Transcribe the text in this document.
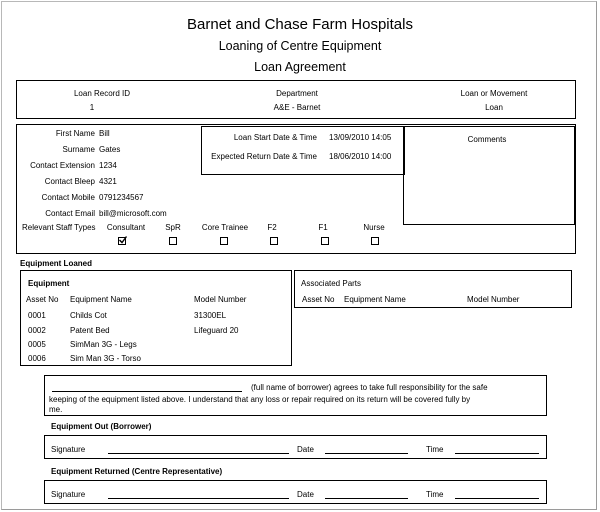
Barnet and Chase Farm Hospitals
Loaning of Centre Equipment
Loan Agreement
Loan Record ID
1
Department
A&E - Barnet
Loan or Movement
Loan
First Name Bill
Surname Gates
Contact Extension 1234
Contact Bleep 4321
Contact Mobile 0791234567
Contact Email bill@microsoft.com
Relevant Staff Types	Consultant	SpR	Core Trainee	F2	F1	Nurse
Loan Start Date & Time 13/09/2010 14:05
Expected Return Date & Time 18/06/2010 14:00
Comments
Equipment Loaned
Equipment
Asset No Equipment Name	Model Number
0001	Childs Cot	31300EL
0002	Patent Bed	Lifeguard 20
0005	SimMan 3G - Legs
0006	Sim Man 3G - Torso
Associated Parts
Asset No Equipment Name	Model Number
(full name of borrower) agrees to take full responsibility for the safe
keeping of the equipment listed above. I understand that any loss or repair required on its return will be covered fully by
me.
Equipment Out (Borrower)
Signature	Date	Time
Equipment Returned (Centre Representative)
Signature	Date	Time
